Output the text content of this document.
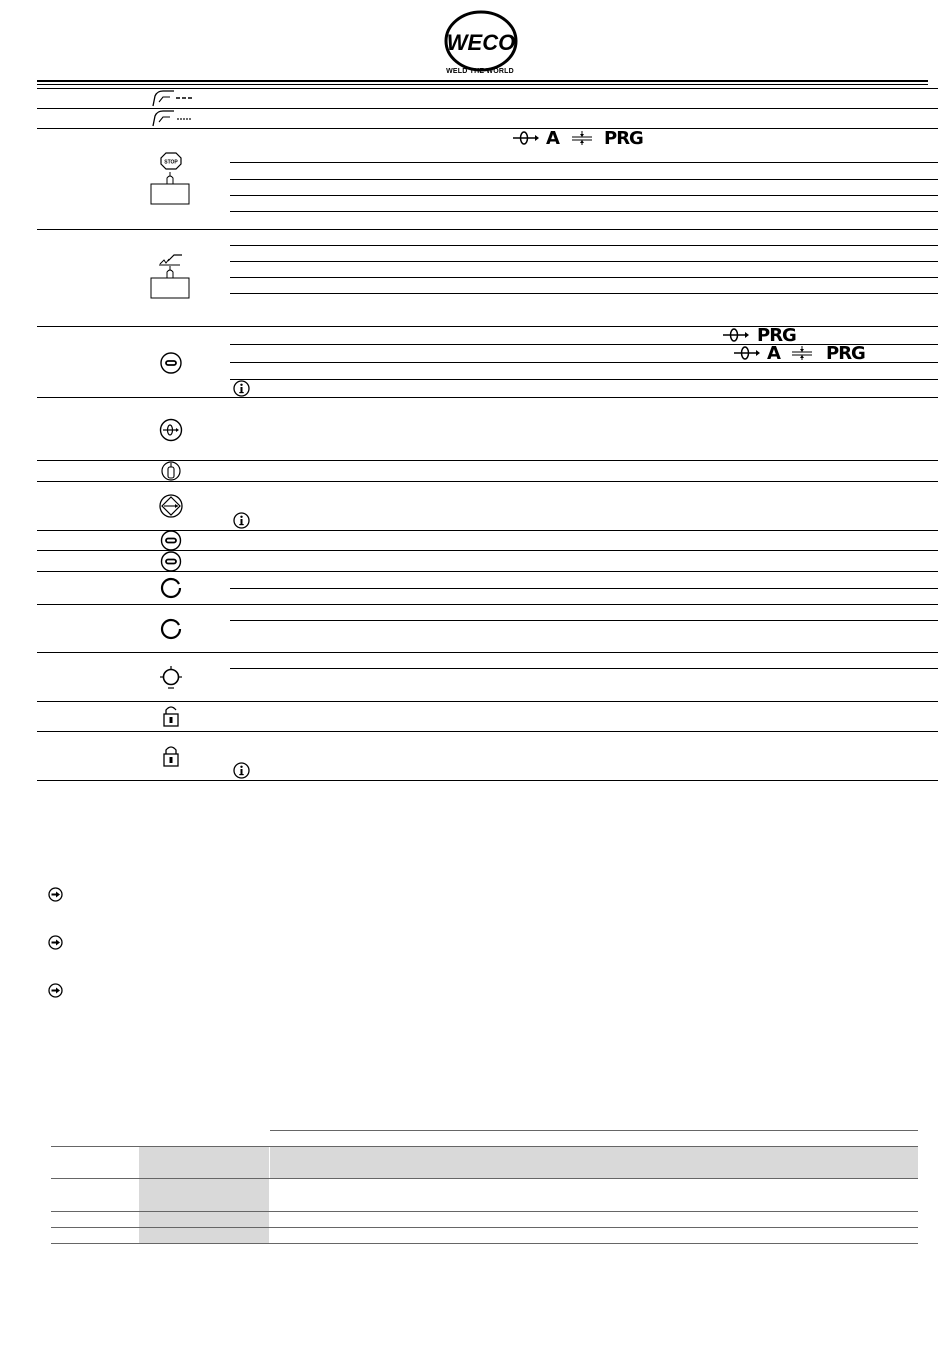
WECO
WELD THE WORLD
STOP
A PRG
PRG
A	PRG
